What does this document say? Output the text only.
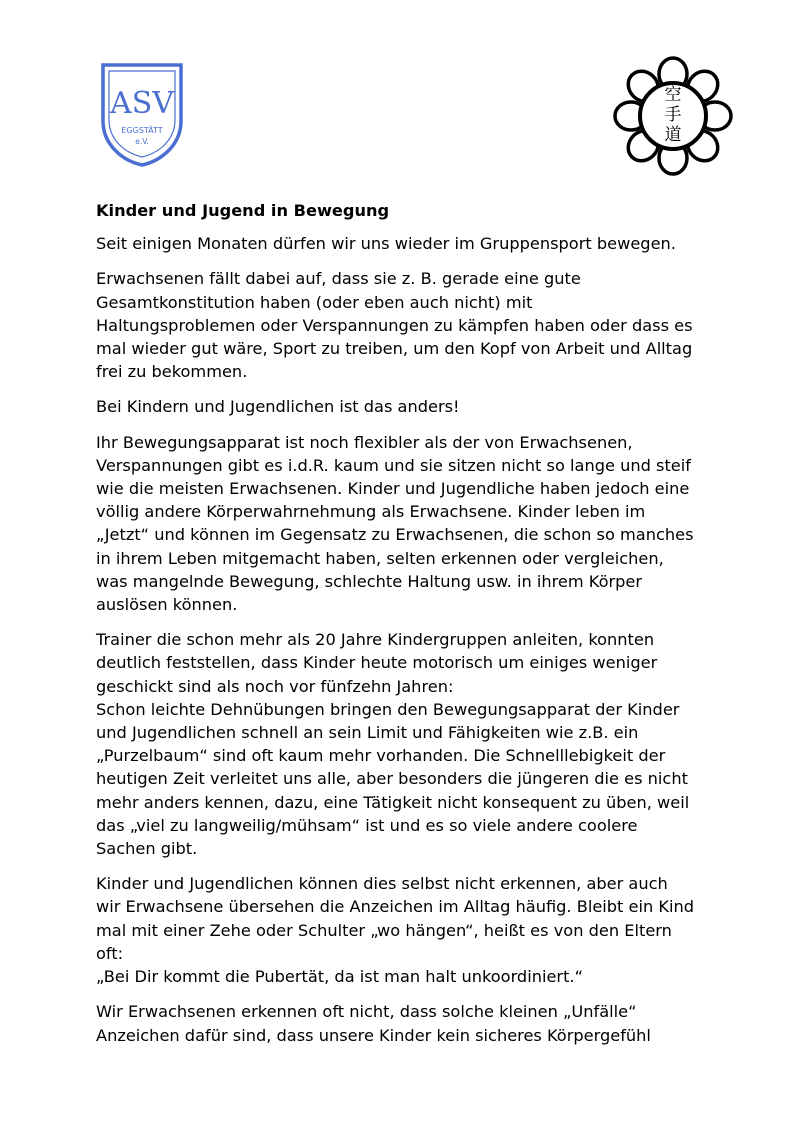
ASV
EGGSTÄTT
e.V.
空
手
道
Kinder und Jugend in Bewegung

Seit einigen Monaten dürfen wir uns wieder im Gruppensport bewegen.

Erwachsenen fällt dabei auf, dass sie z. B. gerade eine gute
Gesamtkonstitution haben (oder eben auch nicht) mit
Haltungsproblemen oder Verspannungen zu kämpfen haben oder dass es
mal wieder gut wäre, Sport zu treiben, um den Kopf von Arbeit und Alltag
frei zu bekommen.

Bei Kindern und Jugendlichen ist das anders!

Ihr Bewegungsapparat ist noch flexibler als der von Erwachsenen,
Verspannungen gibt es i.d.R. kaum und sie sitzen nicht so lange und steif
wie die meisten Erwachsenen. Kinder und Jugendliche haben jedoch eine
völlig andere Körperwahrnehmung als Erwachsene. Kinder leben im
„Jetzt“ und können im Gegensatz zu Erwachsenen, die schon so manches
in ihrem Leben mitgemacht haben, selten erkennen oder vergleichen,
was mangelnde Bewegung, schlechte Haltung usw. in ihrem Körper
auslösen können.

Trainer die schon mehr als 20 Jahre Kindergruppen anleiten, konnten
deutlich feststellen, dass Kinder heute motorisch um einiges weniger
geschickt sind als noch vor fünfzehn Jahren:
Schon leichte Dehnübungen bringen den Bewegungsapparat der Kinder
und Jugendlichen schnell an sein Limit und Fähigkeiten wie z.B. ein
„Purzelbaum“ sind oft kaum mehr vorhanden. Die Schnelllebigkeit der
heutigen Zeit verleitet uns alle, aber besonders die jüngeren die es nicht
mehr anders kennen, dazu, eine Tätigkeit nicht konsequent zu üben, weil
das „viel zu langweilig/mühsam“ ist und es so viele andere coolere
Sachen gibt.

Kinder und Jugendlichen können dies selbst nicht erkennen, aber auch
wir Erwachsene übersehen die Anzeichen im Alltag häufig. Bleibt ein Kind
mal mit einer Zehe oder Schulter „wo hängen“, heißt es von den Eltern
oft:
„Bei Dir kommt die Pubertät, da ist man halt unkoordiniert.“

Wir Erwachsenen erkennen oft nicht, dass solche kleinen „Unfälle“
Anzeichen dafür sind, dass unsere Kinder kein sicheres Körpergefühl
